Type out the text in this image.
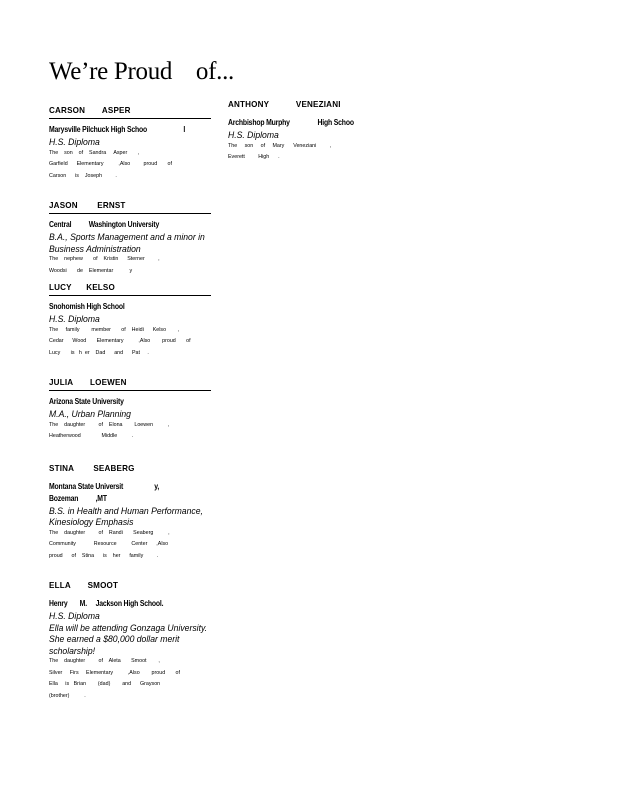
We’re Proud    of...
CARSON       ASPER
Marysville Pilchuck High Schoo                     l
H.S. Diploma
The    son    of    Sandra     Asper       ,
Garfield      Elementary          ,Also         proud       of
Carson      is    Joseph         .
JASON        ERNST
Central          Washington University
B.A., Sports Management and a minor in
Business Administration
The    nephew       of    Kristin      Sterner         ,
Woodsi       de    Elementar           y
LUCY      KELSO
Snohomish High School
H.S. Diploma
The     family        member       of    Heidi      Kelso        ,
Cedar      Wood       Elementary          ,Also        proud       of
Lucy       is   h  er    Dad      and      Pat     .
JULIA       LOEWEN
Arizona State University
M.A., Urban Planning
The    daughter         of    Elona        Loewen          ,
Heatherwood              Middle          .
STINA        SEABERG
Montana State Universit                  y,
Bozeman          ,MT
B.S. in Health and Human Performance,
Kinesiology Emphasis
The    daughter         of    Randi       Seaberg          ,
Community            Resource          Center      ,Also
proud      of    Stina      is    her      family         .
ELLA       SMOOT
Henry       M.     Jackson High School.
H.S. Diploma
Ella will be attending Gonzaga University.
She earned a $80,000 dollar merit
scholarship!
The    daughter         of    Aleta       Smoot        ,
Silver     Firs     Elementary          ,Also        proud       of
Ella     is   Brian        (dad)        and      Grayson
(brother)          .
ANTHONY           VENEZIANI
Archbishop Murphy                High Schoo
H.S. Diploma
The     son     of     Mary      Veneziani         ,
Everett         High      .
